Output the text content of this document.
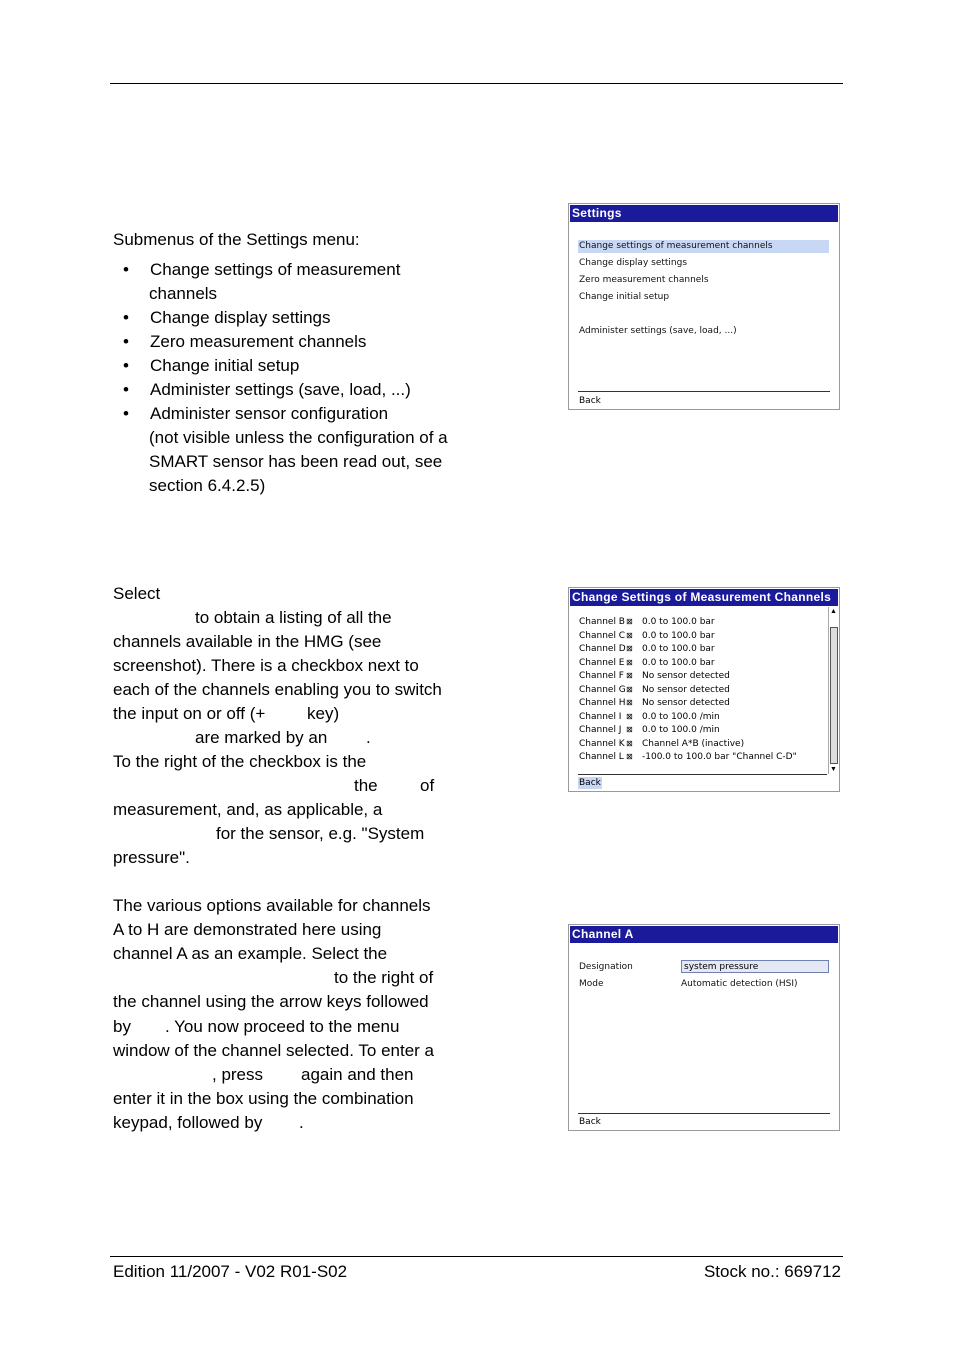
Submenus of the Settings menu:
• Change settings of measurement
channels
• Change display settings
• Zero measurement channels
• Change initial setup
• Administer settings (save, load, ...)
• Administer sensor configuration
(not visible unless the configuration of a
SMART sensor has been read out, see
section 6.4.2.5)
Select
to obtain a listing of all the
channels available in the HMG (see
screenshot). There is a checkbox next to
each of the channels enabling you to switch
the input on or off (+ key)
are marked by an .
To the right of the checkbox is the
the of
measurement, and, as applicable, a
for the sensor, e.g. "System
pressure".
The various options available for channels
A to H are demonstrated here using
channel A as an example. Select the
to the right of
the channel using the arrow keys followed
by . You now proceed to the menu
window of the channel selected. To enter a
, press again and then
enter it in the box using the combination
keypad, followed by .
Settings
Change settings of measurement channels
Change display settings
Zero measurement channels
Change initial setup
Administer settings (save, load, ...)
Back
Change Settings of Measurement Channels
Channel B⊠ 0.0 to 100.0 bar
Channel C⊠ 0.0 to 100.0 bar
Channel D⊠ 0.0 to 100.0 bar
Channel E ⊠ 0.0 to 100.0 bar
Channel F ⊠ No sensor detected
Channel G⊠ No sensor detected
Channel H⊠ No sensor detected
Channel I ⊠ 0.0 to 100.0 /min
Channel J ⊠ 0.0 to 100.0 /min
Channel K⊠ Channel A*B (inactive)
Channel L ⊠ -100.0 to 100.0 bar "Channel C-D"
▲
▼
Back
Channel A
Designation	system pressure
Mode	Automatic detection (HSI)
Back
Edition 11/2007 - V02 R01-S02	Stock no.: 669712
